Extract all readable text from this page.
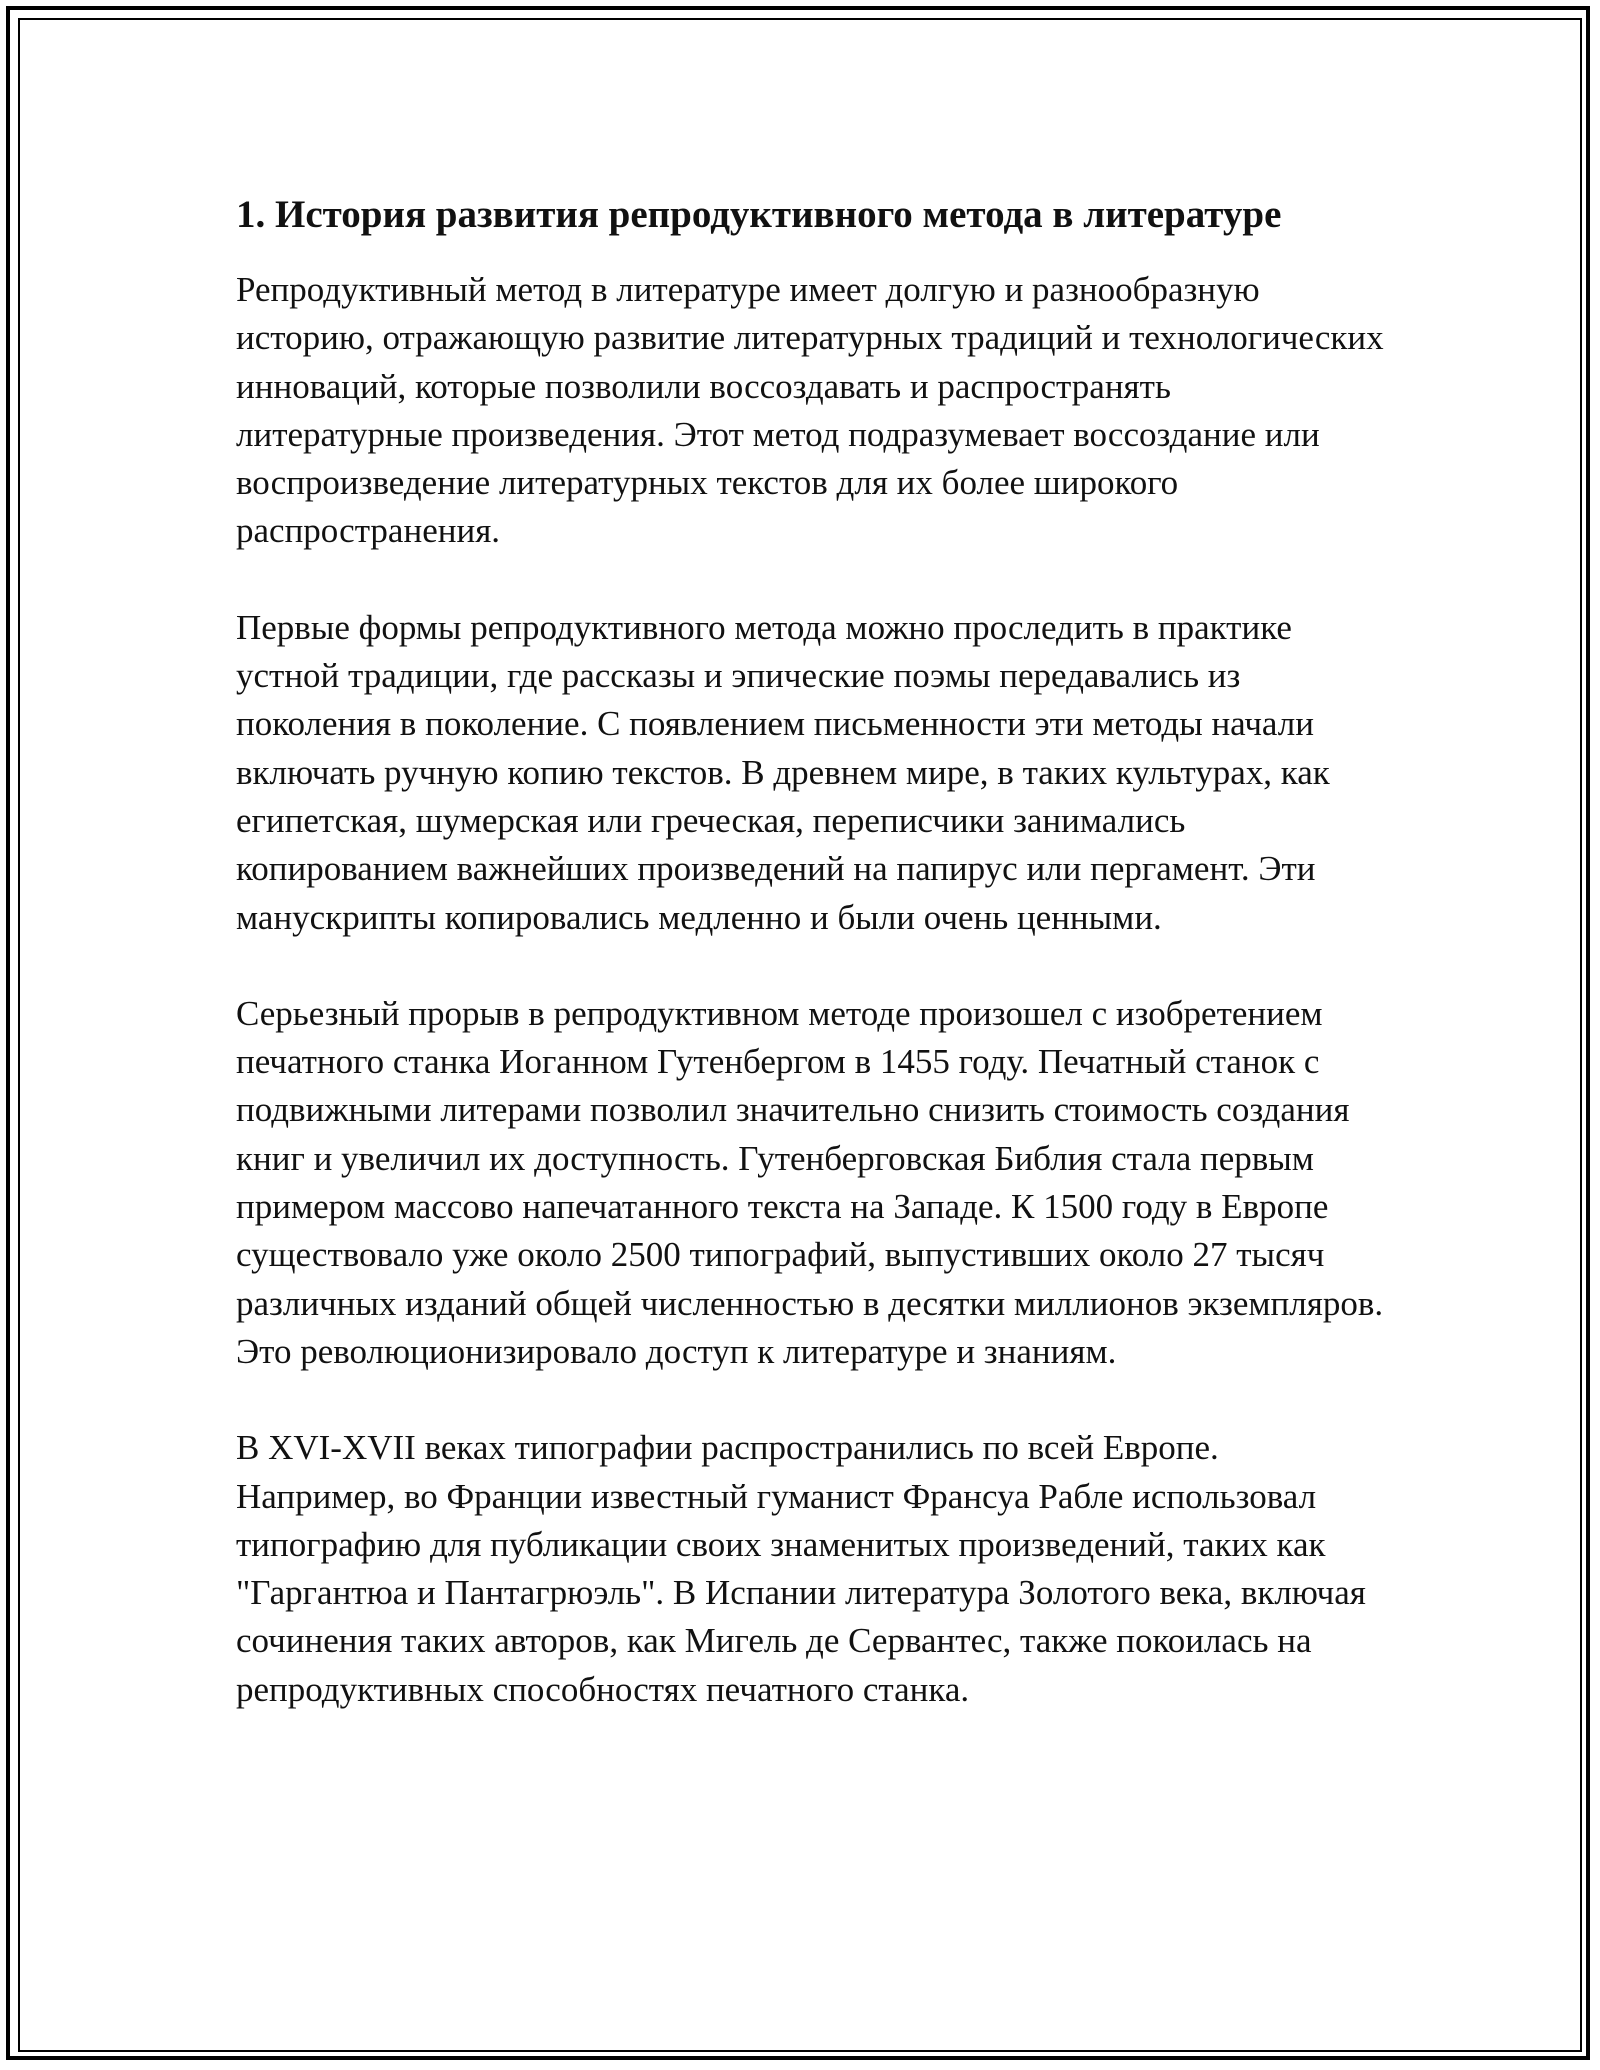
1. История развития репродуктивного метода в литературе

Репродуктивный метод в литературе имеет долгую и разнообразную историю, отражающую развитие литературных традиций и технологических инноваций, которые позволили воссоздавать и распространять литературные произведения. Этот метод подразумевает воссоздание или воспроизведение литературных текстов для их более широкого распространения.

Первые формы репродуктивного метода можно проследить в практике устной традиции, где рассказы и эпические поэмы передавались из поколения в поколение. С появлением письменности эти методы начали включать ручную копию текстов. В древнем мире, в таких культурах, как египетская, шумерская или греческая, переписчики занимались копированием важнейших произведений на папирус или пергамент. Эти манускрипты копировались медленно и были очень ценными.

Серьезный прорыв в репродуктивном методе произошел с изобретением печатного станка Иоганном Гутенбергом в 1455 году. Печатный станок с подвижными литерами позволил значительно снизить стоимость создания книг и увеличил их доступность. Гутенберговская Библия стала первым примером массово напечатанного текста на Западе. К 1500 году в Европе существовало уже около 2500 типографий, выпустивших около 27 тысяч различных изданий общей численностью в десятки миллионов экземпляров. Это революционизировало доступ к литературе и знаниям.

В XVI-XVII веках типографии распространились по всей Европе. Например, во Франции известный гуманист Франсуа Рабле использовал типографию для публикации своих знаменитых произведений, таких как "Гаргантюа и Пантагрюэль". В Испании литература Золотого века, включая сочинения таких авторов, как Мигель де Сервантес, также покоилась на репродуктивных способностях печатного станка.
